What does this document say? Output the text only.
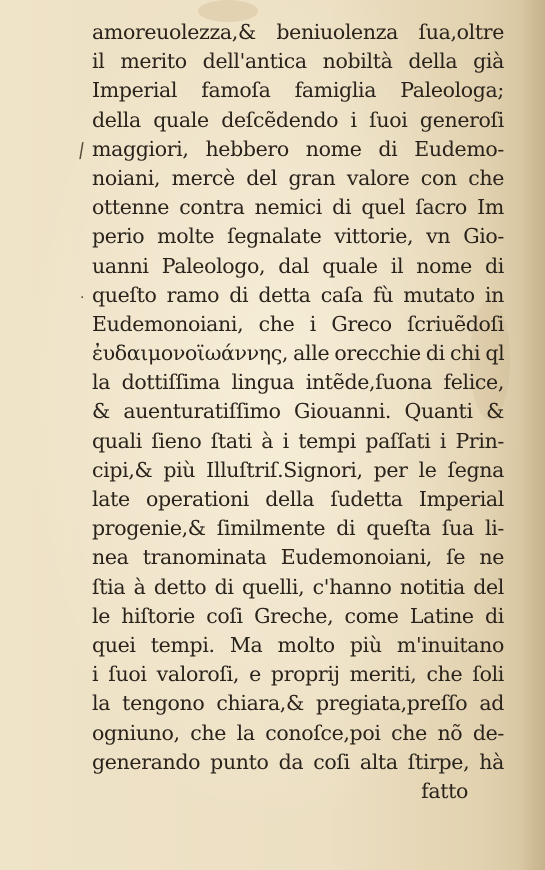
/
.
amoreuolezza,& beniuolenza ſua,oltre
il merito dell'antica nobiltà della già
Imperial famoſa famiglia Paleologa;
della quale deſcẽdendo i ſuoi generoſi
maggiori, hebbero nome di Eudemo-
noiani, mercè del gran valore con che
ottenne contra nemici di quel ſacro Im
perio molte ſegnalate vittorie, vn Gio-
uanni Paleologo, dal quale il nome di
queſto ramo di detta caſa fù mutato in
Eudemonoiani, che i Greco ſcriuẽdoſi
ἐυδαιμονοϊωάννης, alle orecchie di chi ql
la dottiſſima lingua intẽde,ſuona felice,
& auenturatiſſimo Giouanni. Quanti &
quali ſieno ſtati à i tempi paſſati i Prin-
cipi,& più Illuſtriſ.Signori, per le ſegna
late operationi della ſudetta Imperial
progenie,& ſimilmente di queſta ſua li-
nea tranominata Eudemonoiani, ſe ne
ſtia à detto di quelli, c'hanno notitia del
le hiſtorie coſi Greche, come Latine di
quei tempi. Ma molto più m'inuitano
i ſuoi valoroſi, e proprij meriti, che ſoli
la tengono chiara,& pregiata,preſſo ad
ogniuno, che la conoſce,poi che nõ de-
generando punto da coſi alta ſtirpe, hà
fatto
